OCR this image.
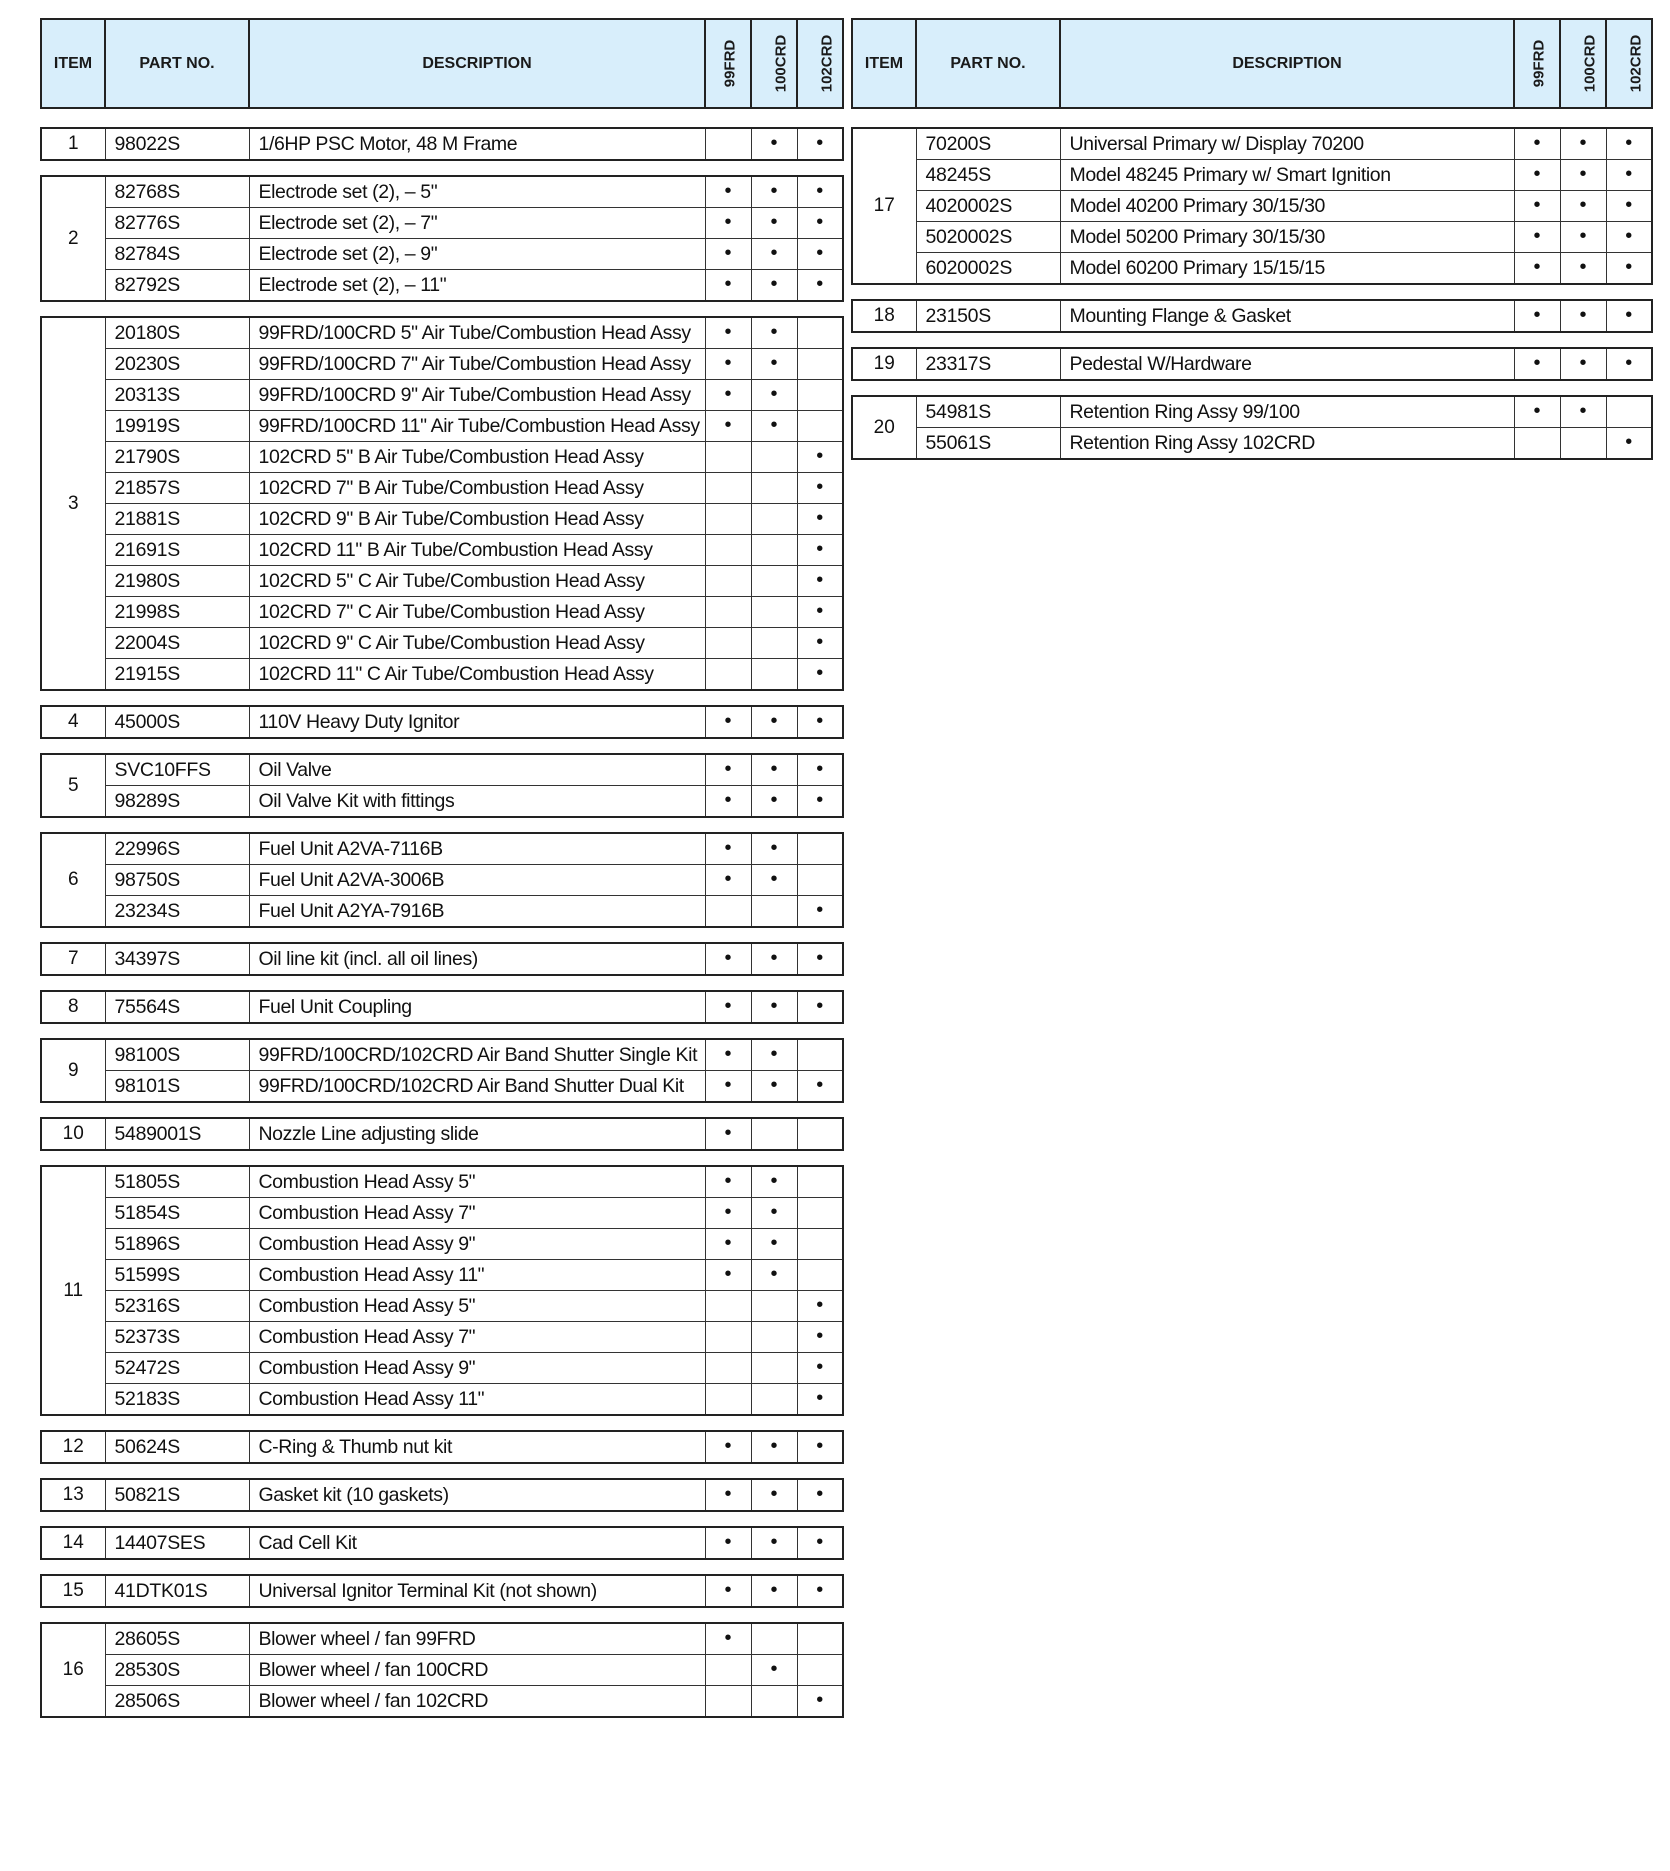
ITEM	PART NO.	DESCRIPTION	99FRD	100CRD	102CRD
1	98022S	1/6HP PSC Motor, 48 M Frame		•	•
2	82768S	Electrode set (2), – 5"	•	•	•
	82776S	Electrode set (2), – 7"	•	•	•
	82784S	Electrode set (2), – 9"	•	•	•
	82792S	Electrode set (2), – 11"	•	•	•
3	20180S	99FRD/100CRD 5" Air Tube/Combustion Head Assy	•	•	
	20230S	99FRD/100CRD 7" Air Tube/Combustion Head Assy	•	•	
	20313S	99FRD/100CRD 9" Air Tube/Combustion Head Assy	•	•	
	19919S	99FRD/100CRD 11" Air Tube/Combustion Head Assy	•	•	
	21790S	102CRD 5" B Air Tube/Combustion Head Assy			•
	21857S	102CRD 7" B Air Tube/Combustion Head Assy			•
	21881S	102CRD 9" B Air Tube/Combustion Head Assy			•
	21691S	102CRD 11" B Air Tube/Combustion Head Assy			•
	21980S	102CRD 5" C Air Tube/Combustion Head Assy			•
	21998S	102CRD 7" C Air Tube/Combustion Head Assy			•
	22004S	102CRD 9" C Air Tube/Combustion Head Assy			•
	21915S	102CRD 11" C Air Tube/Combustion Head Assy			•
4	45000S	110V Heavy Duty Ignitor	•	•	•
5	SVC10FFS	Oil Valve	•	•	•
	98289S	Oil Valve Kit with fittings	•	•	•
6	22996S	Fuel Unit A2VA-7116B	•	•	
	98750S	Fuel Unit A2VA-3006B	•	•	
	23234S	Fuel Unit A2YA-7916B			•
7	34397S	Oil line kit (incl. all oil lines)	•	•	•
8	75564S	Fuel Unit Coupling	•	•	•
9	98100S	99FRD/100CRD/102CRD Air Band Shutter Single Kit	•	•	
	98101S	99FRD/100CRD/102CRD Air Band Shutter Dual Kit	•	•	•
10	5489001S	Nozzle Line adjusting slide	•		
11	51805S	Combustion Head Assy 5"	•	•	
	51854S	Combustion Head Assy 7"	•	•	
	51896S	Combustion Head Assy 9"	•	•	
	51599S	Combustion Head Assy 11"	•	•	
	52316S	Combustion Head Assy 5"			•
	52373S	Combustion Head Assy 7"			•
	52472S	Combustion Head Assy 9"			•
	52183S	Combustion Head Assy 11"			•
12	50624S	C-Ring & Thumb nut kit	•	•	•
13	50821S	Gasket kit (10 gaskets)	•	•	•
14	14407SES	Cad Cell Kit	•	•	•
15	41DTK01S	Universal Ignitor Terminal Kit (not shown)	•	•	•
16	28605S	Blower wheel / fan 99FRD	•		
	28530S	Blower wheel / fan 100CRD		•	
	28506S	Blower wheel / fan 102CRD			•
ITEM	PART NO.	DESCRIPTION	99FRD	100CRD	102CRD
17	70200S	Universal Primary w/ Display 70200	•	•	•
	48245S	Model 48245 Primary w/ Smart Ignition	•	•	•
	4020002S	Model 40200 Primary 30/15/30	•	•	•
	5020002S	Model 50200 Primary 30/15/30	•	•	•
	6020002S	Model 60200 Primary 15/15/15	•	•	•
18	23150S	Mounting Flange & Gasket	•	•	•
19	23317S	Pedestal W/Hardware	•	•	•
20	54981S	Retention Ring Assy 99/100	•	•	
	55061S	Retention Ring Assy 102CRD			•
